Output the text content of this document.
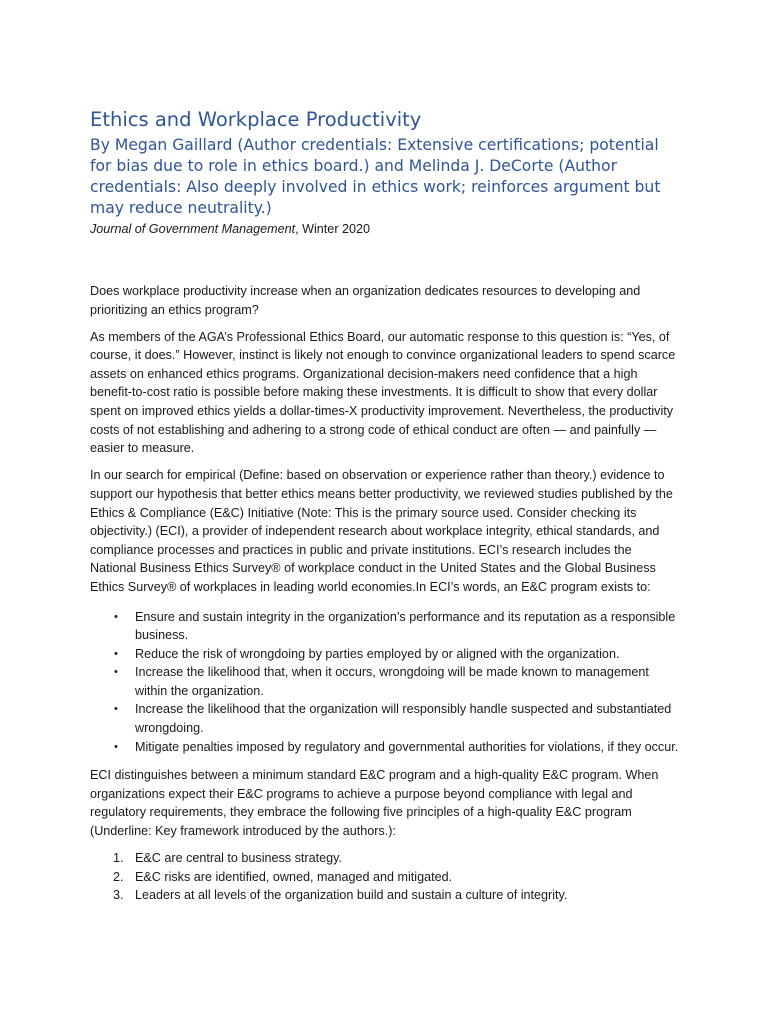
Ethics and Workplace Productivity

By Megan Gaillard (Author credentials: Extensive certifications; potential for bias due to role in ethics board.) and Melinda J. DeCorte (Author credentials: Also deeply involved in ethics work; reinforces argument but may reduce neutrality.)

Journal of Government Management, Winter 2020

Does workplace productivity increase when an organization dedicates resources to developing and prioritizing an ethics program?

As members of the AGA’s Professional Ethics Board, our automatic response to this question is: “Yes, of course, it does.” However, instinct is likely not enough to convince organizational leaders to spend scarce assets on enhanced ethics programs. Organizational decision-makers need confidence that a high benefit-to-cost ratio is possible before making these investments. It is difficult to show that every dollar spent on improved ethics yields a dollar-times-X productivity improvement. Nevertheless, the productivity costs of not establishing and adhering to a strong code of ethical conduct are often — and painfully — easier to measure.

In our search for empirical (Define: based on observation or experience rather than theory.) evidence to support our hypothesis that better ethics means better productivity, we reviewed studies published by the Ethics & Compliance (E&C) Initiative (Note: This is the primary source used. Consider checking its objectivity.) (ECI), a provider of independent research about workplace integrity, ethical standards, and compliance processes and practices in public and private institutions. ECI’s research includes the National Business Ethics Survey® of workplace conduct in the United States and the Global Business Ethics Survey® of workplaces in leading world economies.In ECI’s words, an E&C program exists to:

• Ensure and sustain integrity in the organization’s performance and its reputation as a responsible business.
• Reduce the risk of wrongdoing by parties employed by or aligned with the organization.
• Increase the likelihood that, when it occurs, wrongdoing will be made known to management within the organization.
• Increase the likelihood that the organization will responsibly handle suspected and substantiated wrongdoing.
• Mitigate penalties imposed by regulatory and governmental authorities for violations, if they occur.

ECI distinguishes between a minimum standard E&C program and a high-quality E&C program. When organizations expect their E&C programs to achieve a purpose beyond compliance with legal and regulatory requirements, they embrace the following five principles of a high-quality E&C program (Underline: Key framework introduced by the authors.):

1. E&C are central to business strategy.
2. E&C risks are identified, owned, managed and mitigated.
3. Leaders at all levels of the organization build and sustain a culture of integrity.
